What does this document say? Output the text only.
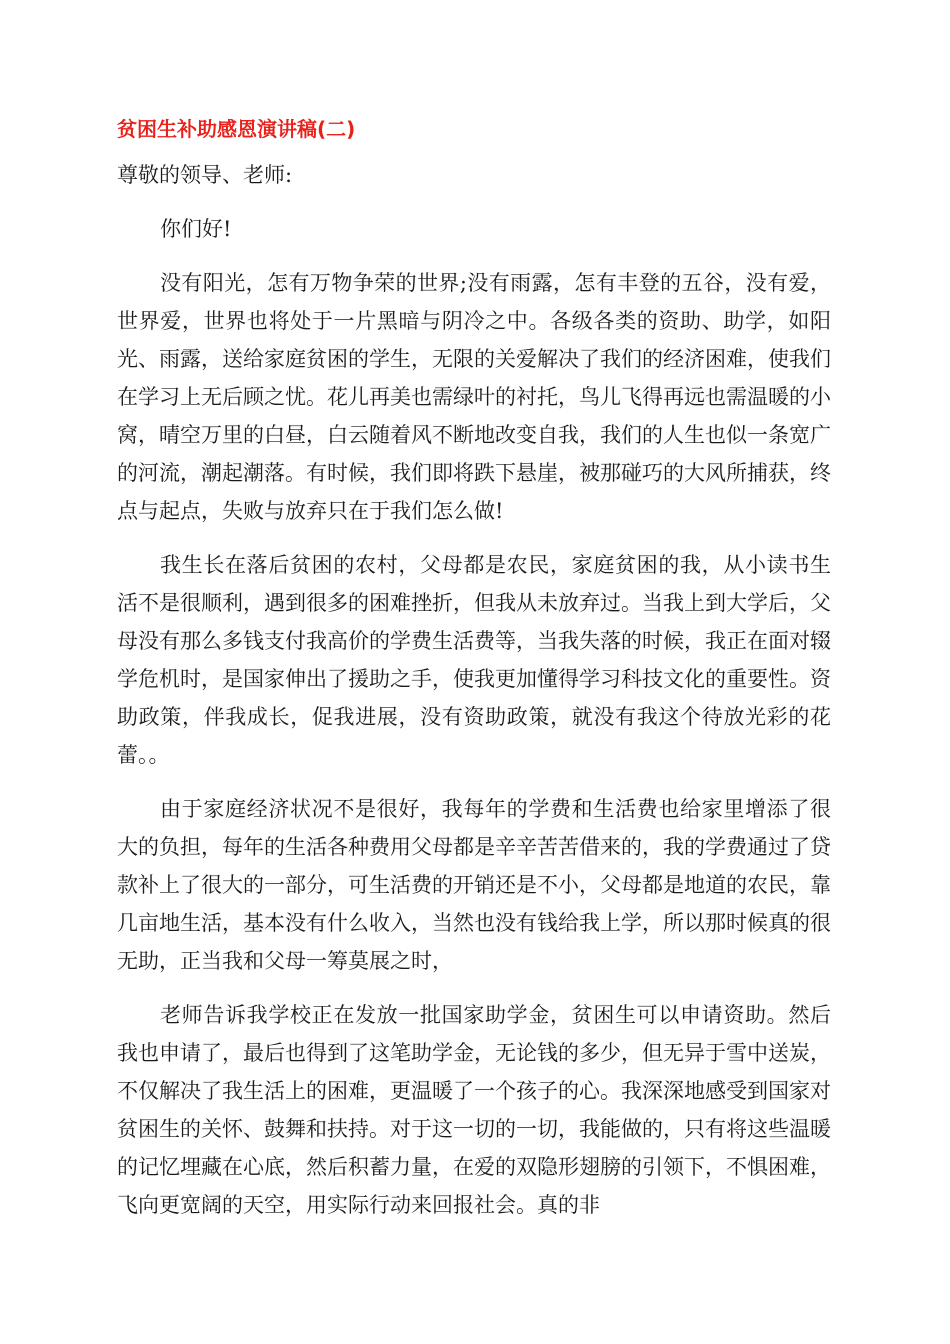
贫困生补助感恩演讲稿(二)
尊敬的领导、老师:
你们好!

没有阳光，怎有万物争荣的世界;没有雨露，怎有丰登的五谷，没有爱，世界爱，世界也将处于一片黑暗与阴冷之中。各级各类的资助、助学，如阳光、雨露，送给家庭贫困的学生，无限的关爱解决了我们的经济困难，使我们在学习上无后顾之忧。花儿再美也需绿叶的衬托，鸟儿飞得再远也需温暖的小窝，晴空万里的白昼，白云随着风不断地改变自我，我们的人生也似一条宽广的河流，潮起潮落。有时候，我们即将跌下悬崖，被那碰巧的大风所捕获，终点与起点，失败与放弃只在于我们怎么做!

我生长在落后贫困的农村，父母都是农民，家庭贫困的我，从小读书生活不是很顺利，遇到很多的困难挫折，但我从未放弃过。当我上到大学后，父母没有那么多钱支付我高价的学费生活费等，当我失落的时候，我正在面对辍学危机时，是国家伸出了援助之手，使我更加懂得学习科技文化的重要性。资助政策，伴我成长，促我进展，没有资助政策，就没有我这个待放光彩的花蕾。。

由于家庭经济状况不是很好，我每年的学费和生活费也给家里增添了很大的负担，每年的生活各种费用父母都是辛辛苦苦借来的，我的学费通过了贷款补上了很大的一部分，可生活费的开销还是不小，父母都是地道的农民，靠几亩地生活，基本没有什么收入，当然也没有钱给我上学，所以那时候真的很无助，正当我和父母一筹莫展之时，

老师告诉我学校正在发放一批国家助学金，贫困生可以申请资助。然后我也申请了，最后也得到了这笔助学金，无论钱的多少，但无异于雪中送炭，不仅解决了我生活上的困难，更温暖了一个孩子的心。我深深地感受到国家对贫困生的关怀、鼓舞和扶持。对于这一切的一切，我能做的，只有将这些温暖的记忆埋藏在心底，然后积蓄力量，在爱的双隐形翅膀的引领下，不惧困难，飞向更宽阔的天空，用实际行动来回报社会。真的非
